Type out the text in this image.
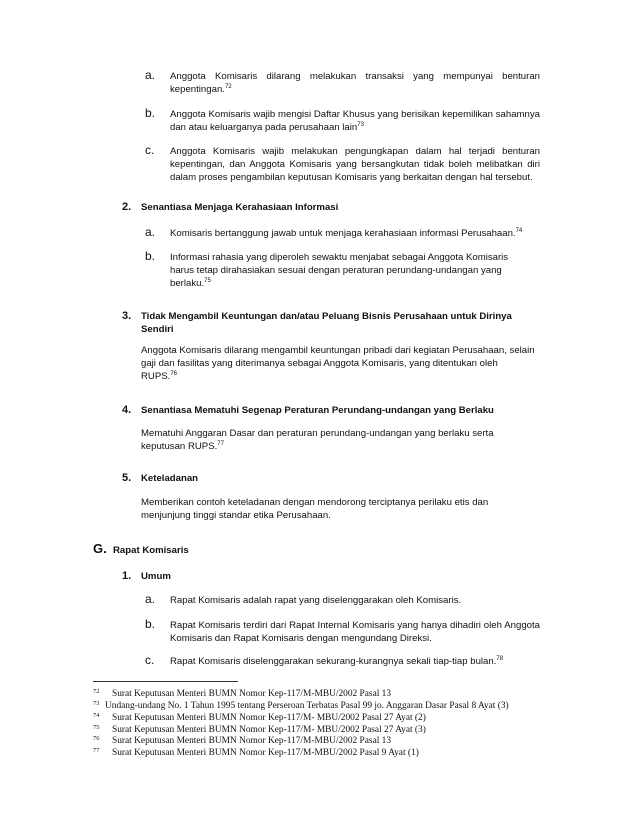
a. Anggota Komisaris dilarang melakukan transaksi yang mempunyai benturan kepentingan.$^{72}$
b. Anggota Komisaris wajib mengisi Daftar Khusus yang berisikan kepemilikan sahamnya dan atau keluarganya pada perusahaan lain$^{73}$
c. Anggota Komisaris wajib melakukan pengungkapan dalam hal terjadi benturan kepentingan, dan Anggota Komisaris yang bersangkutan tidak boleh melibatkan diri dalam proses pengambilan keputusan Komisaris yang berkaitan dengan hal tersebut.
2. Senantiasa Menjaga Kerahasiaan Informasi
a. Komisaris bertanggung jawab untuk menjaga kerahasiaan informasi Perusahaan.$^{74}$
b. Informasi rahasia yang diperoleh sewaktu menjabat sebagai Anggota Komisaris harus tetap dirahasiakan sesuai dengan peraturan perundang-undangan yang berlaku.$^{75}$
3. Tidak Mengambil Keuntungan dan/atau Peluang Bisnis Perusahaan untuk Dirinya Sendiri
Anggota Komisaris dilarang mengambil keuntungan pribadi dari kegiatan Perusahaan, selain gaji dan fasilitas yang diterimanya sebagai Anggota Komisaris, yang ditentukan oleh RUPS.$^{76}$
4. Senantiasa Mematuhi Segenap Peraturan Perundang-undangan yang Berlaku
Mematuhi Anggaran Dasar dan peraturan perundang-undangan yang berlaku serta keputusan RUPS.$^{77}$
5. Keteladanan
Memberikan contoh keteladanan dengan mendorong terciptanya perilaku etis dan menjunjung tinggi standar etika Perusahaan.
G. Rapat Komisaris
1. Umum
a. Rapat Komisaris adalah rapat yang diselenggarakan oleh Komisaris.
b. Rapat Komisaris terdiri dari Rapat Internal Komisaris yang hanya dihadiri oleh Anggota Komisaris dan Rapat Komisaris dengan mengundang Direksi.
c. Rapat Komisaris diselenggarakan sekurang-kurangnya sekali tiap-tiap bulan.$^{78}$
72 Surat Keputusan Menteri BUMN Nomor Kep-117/M-MBU/2002 Pasal 13
73 Undang-undang No. 1 Tahun 1995 tentang Perseroan Terbatas Pasal 99 jo. Anggaran Dasar Pasal 8 Ayat (3)
74 Surat Keputusan Menteri BUMN Nomor Kep-117/M- MBU/2002 Pasal 27 Ayat (2)
75 Surat Keputusan Menteri BUMN Nomor Kep-117/M- MBU/2002 Pasal 27 Ayat (3)
76 Surat Keputusan Menteri BUMN Nomor Kep-117/M-MBU/2002 Pasal 13
77 Surat Keputusan Menteri BUMN Nomor Kep-117/M-MBU/2002 Pasal 9 Ayat (1)
